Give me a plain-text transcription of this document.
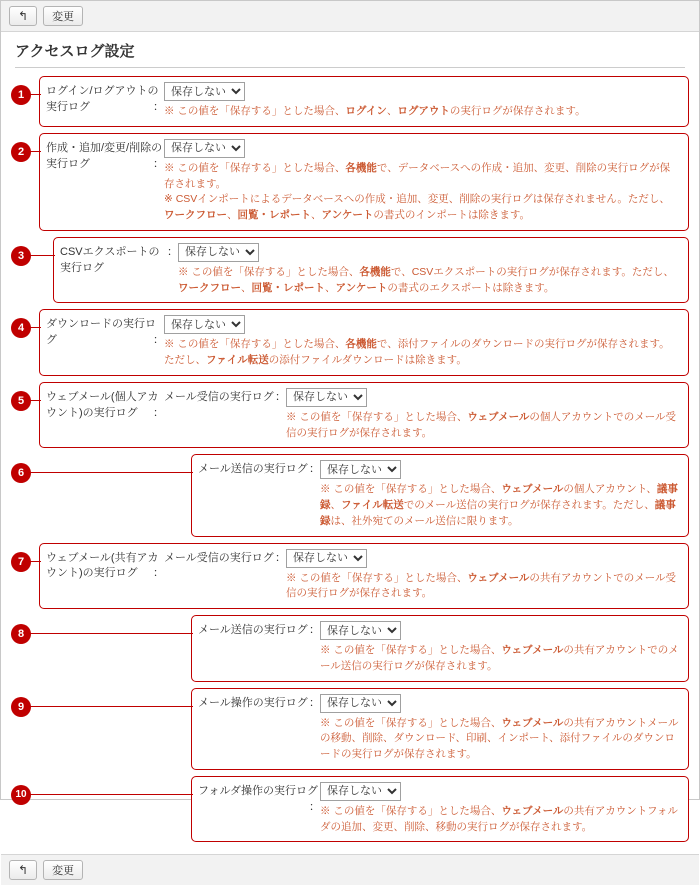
↰	変更
アクセスログ設定
1	ログイン/ログアウトの
：
実行ログ
保存しない	※ この値を「保存する」とした場合、ログイン、ログアウトの実行ログが保存されます。
2	作成・追加/変更/削除の
：
実行ログ
保存しない	※ この値を「保存する」とした場合、各機能で、データベースへの作成・追加、変更、削除の実行ログが保存されます。
※ CSVインポートによるデータベースへの作成・追加、変更、削除の実行ログは保存されません。ただし、ワークフロー、回覧・レポート、アンケートの書式のインポートは除きます。
3	CSVエクスポートの ：
実行ログ
保存しない	※ この値を「保存する」とした場合、各機能で、CSVエクスポートの実行ログが保存されます。ただし、ワークフロー、回覧・レポート、アンケートの書式のエクスポートは除きます。
4	ダウンロードの実行ログ	：
保存しない ※ この値を「保存する」とした場合、各機能で、添付ファイルのダウンロードの実行ログが保存されます。ただし、ファイル転送の添付ファイルダウンロードは除きます。
5	ウェブメール(個人アカウント)の実行ログ ：
メール受信の実行ログ ：
保存しない
※ この値を「保存する」とした場合、ウェブメールの個人アカウントでのメール受信の実行ログが保存されます。
6	メール送信の実行ログ ：
保存しない
※ この値を「保存する」とした場合、ウェブメールの個人アカウント、議事録、ファイル転送でのメール送信の実行ログが保存されます。ただし、議事録は、社外宛てのメール送信に限ります。
7	ウェブメール(共有アカウント)の実行ログ ：
メール受信の実行ログ ：
保存しない
※ この値を「保存する」とした場合、ウェブメールの共有アカウントでのメール受信の実行ログが保存されます。
8	メール送信の実行ログ ：
保存しない
※ この値を「保存する」とした場合、ウェブメールの共有アカウントでのメール送信の実行ログが保存されます。
9	メール操作の実行ログ ：
保存しない
※ この値を「保存する」とした場合、ウェブメールの共有アカウントメールの移動、削除、ダウンロード、印刷、インポート、添付ファイルのダウンロードの実行ログが保存されます。
10	フォルダ操作の実行ログ
：
保存しない ※ この値を「保存する」とした場合、ウェブメールの共有アカウントフォルダの追加、変更、削除、移動の実行ログが保存されます。
↰	変更
